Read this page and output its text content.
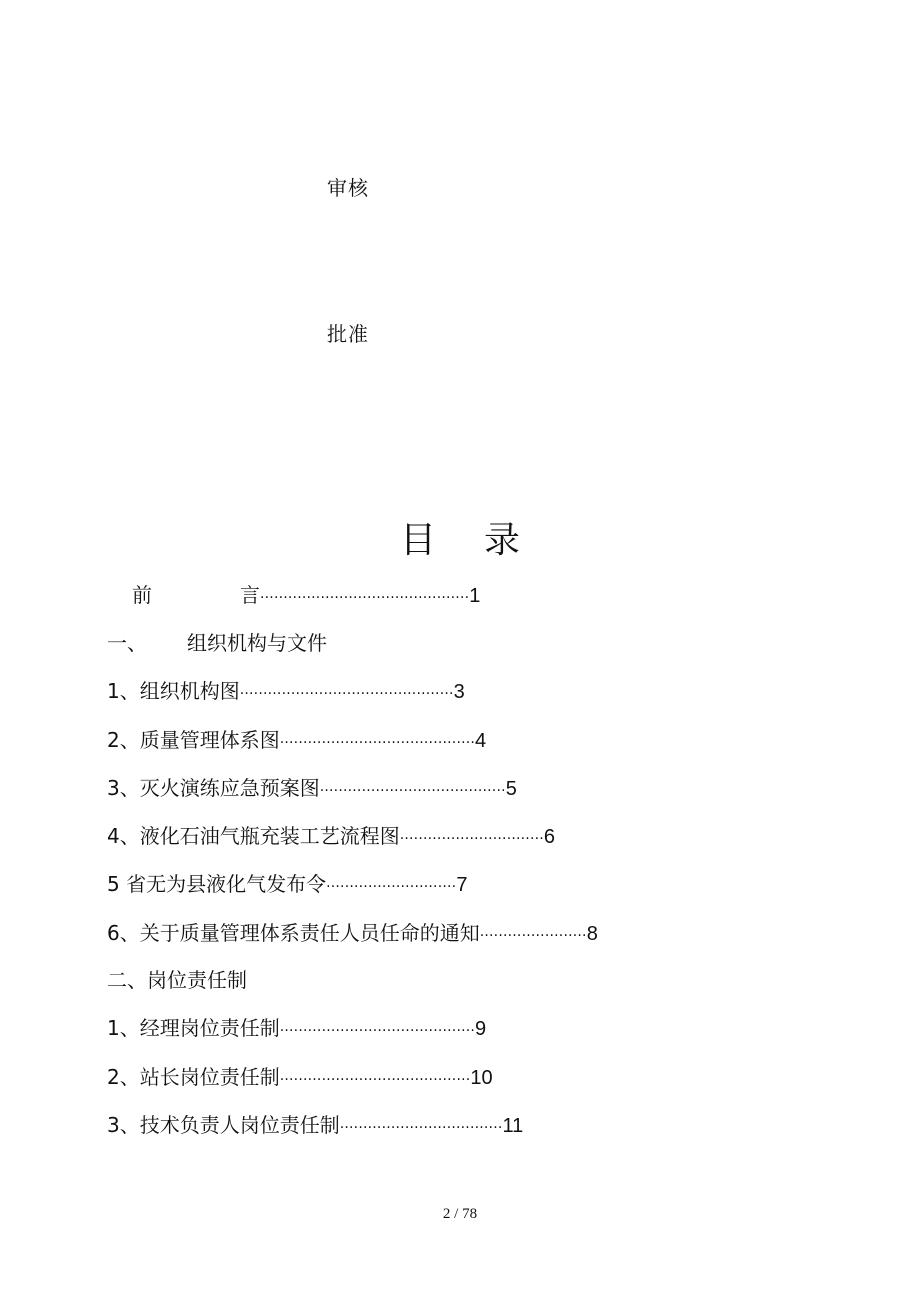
审核
批准
目 录
前	言·············································1
一、 组织机构与文件
1、组织机构图··············································3
2、质量管理体系图··········································4
3、灭火演练应急预案图········································5
4、液化石油气瓶充装工艺流程图·······························6
5 省无为县液化气发布令····························7
6、关于质量管理体系责任人员任命的通知·······················8
二、岗位责任制
1、经理岗位责任制··········································9
2、站长岗位责任制·········································10
3、技术负责人岗位责任制···································11
2 / 78
